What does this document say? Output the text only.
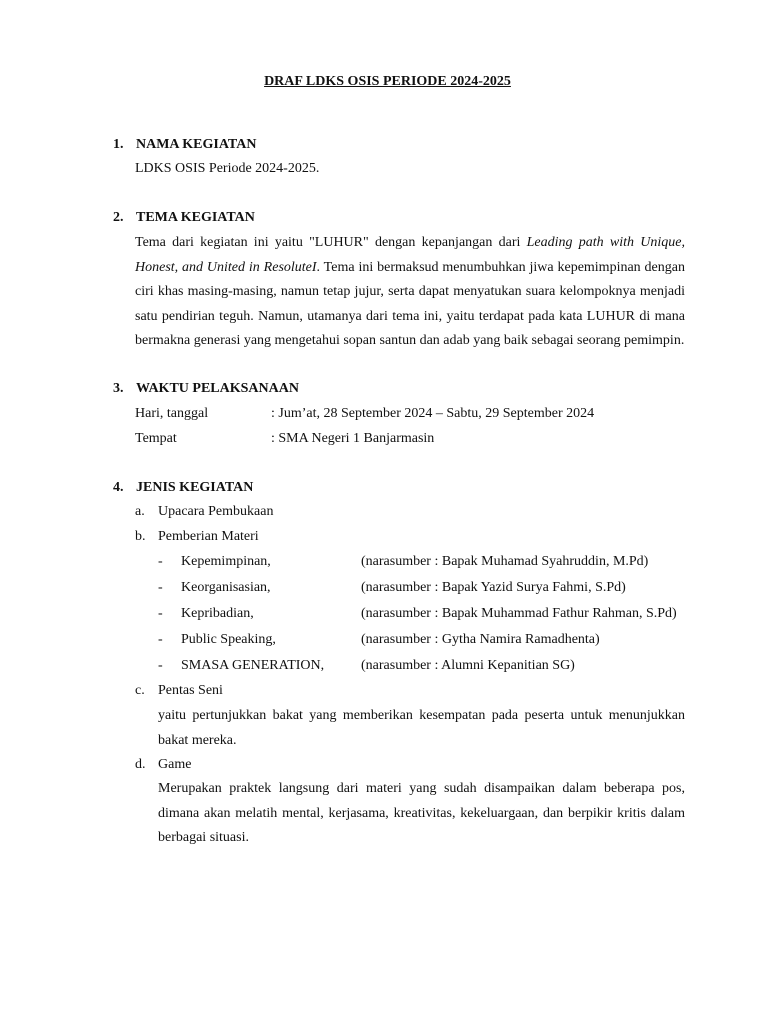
DRAF LDKS OSIS PERIODE 2024-2025
1. NAMA KEGIATAN
LDKS OSIS Periode 2024-2025.
2. TEMA KEGIATAN

Tema dari kegiatan ini yaitu "LUHUR" dengan kepanjangan dari Leading path with Unique, Honest, and United in ResoluteI. Tema ini bermaksud menumbuhkan jiwa kepemimpinan dengan ciri khas masing-masing, namun tetap jujur, serta dapat menyatukan suara kelompoknya menjadi satu pendirian teguh. Namun, utamanya dari tema ini, yaitu terdapat pada kata LUHUR di mana bermakna generasi yang mengetahui sopan santun dan adab yang baik sebagai seorang pemimpin.

3. WAKTU PELAKSANAAN
Hari, tanggal	: Jum’at, 28 September 2024 – Sabtu, 29 September 2024
Tempat	: SMA Negeri 1 Banjarmasin
4. JENIS KEGIATAN
a. Upacara Pembukaan
b. Pemberian Materi
- Kepemimpinan,	(narasumber : Bapak Muhamad Syahruddin, M.Pd)
- Keorganisasian,	(narasumber : Bapak Yazid Surya Fahmi, S.Pd)
- Kepribadian,	(narasumber : Bapak Muhammad Fathur Rahman, S.Pd)
- Public Speaking,	(narasumber : Gytha Namira Ramadhenta)
- SMASA GENERATION,	(narasumber : Alumni Kepanitian SG)
c. Pentas Seni

yaitu pertunjukkan bakat yang memberikan kesempatan pada peserta untuk menunjukkan bakat mereka.

d. Game

Merupakan praktek langsung dari materi yang sudah disampaikan dalam beberapa pos, dimana akan melatih mental, kerjasama, kreativitas, kekeluargaan, dan berpikir kritis dalam berbagai situasi.
